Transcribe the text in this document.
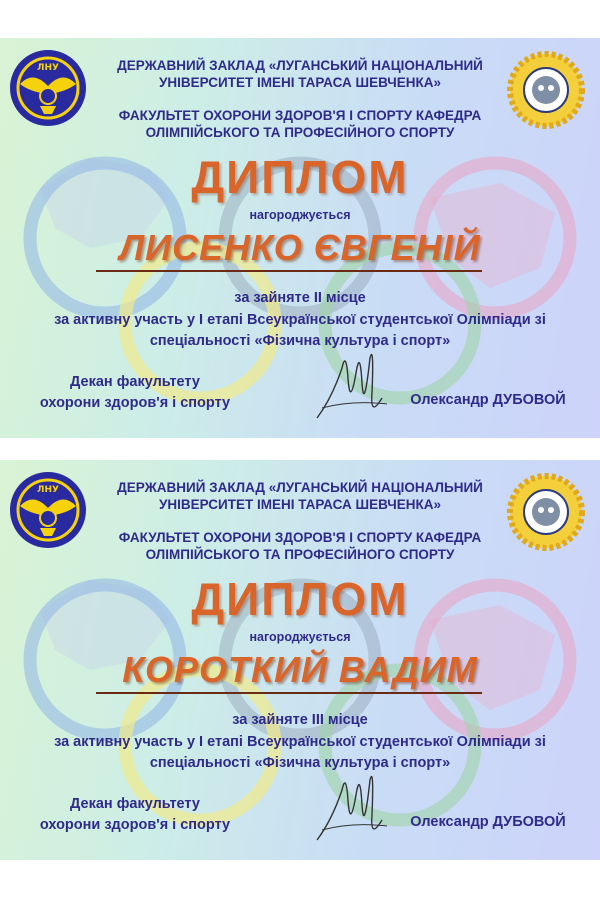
ЛНУ	ДЕРЖАВНИЙ ЗАКЛАД «ЛУГАНСЬКИЙ НАЦІОНАЛЬНИЙ
УНІВЕРСИТЕТ ІМЕНІ ТАРАСА ШЕВЧЕНКА»
ФАКУЛЬТЕТ ОХОРОНИ ЗДОРОВ'Я І СПОРТУ КАФЕДРА
ОЛІМПІЙСЬКОГО ТА ПРОФЕСІЙНОГО СПОРТУ
ДИПЛОМ
нагороджується
ЛИСЕНКО ЄВГЕНІЙ
за зайняте II місце
за активну участь у I етапі Всеукраїнської студентської Олімпіади зі
спеціальності «Фізична культура і спорт»
Декан факультету
охорони здоров'я і спорту	Олександр ДУБОВОЙ
ЛНУ	ДЕРЖАВНИЙ ЗАКЛАД «ЛУГАНСЬКИЙ НАЦІОНАЛЬНИЙ
УНІВЕРСИТЕТ ІМЕНІ ТАРАСА ШЕВЧЕНКА»
ФАКУЛЬТЕТ ОХОРОНИ ЗДОРОВ'Я І СПОРТУ КАФЕДРА
ОЛІМПІЙСЬКОГО ТА ПРОФЕСІЙНОГО СПОРТУ
ДИПЛОМ
нагороджується
КОРОТКИЙ ВАДИМ
за зайняте III місце
за активну участь у I етапі Всеукраїнської студентської Олімпіади зі
спеціальності «Фізична культура і спорт»
Декан факультету
охорони здоров'я і спорту	Олександр ДУБОВОЙ
